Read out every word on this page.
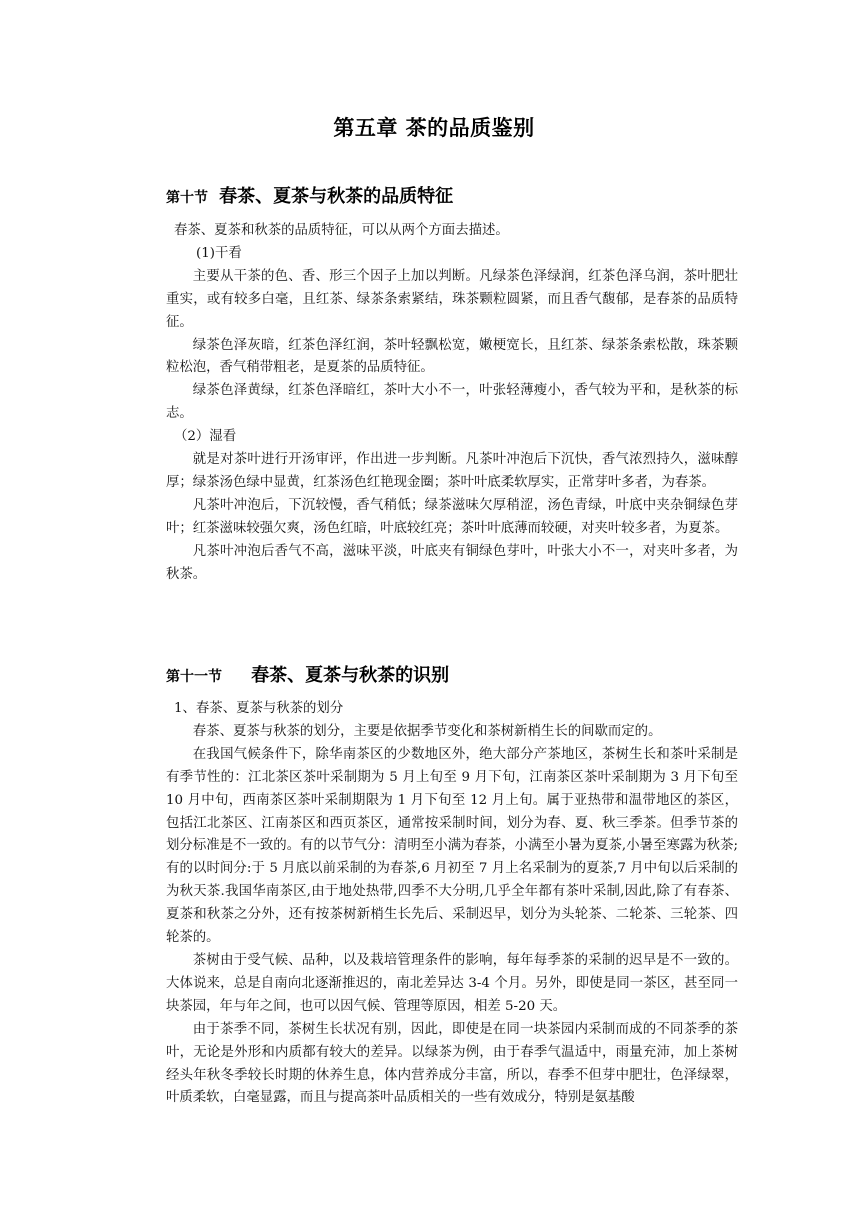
第五章 茶的品质鉴别
第十节 春茶、夏茶与秋茶的品质特征

春茶、夏茶和秋茶的品质特征，可以从两个方面去描述。

(1)干看

主要从干茶的色、香、形三个因子上加以判断。凡绿茶色泽绿润，红茶色泽乌润，茶叶肥壮重实，或有较多白毫，且红茶、绿茶条索紧结，珠茶颗粒圆紧，而且香气馥郁，是春茶的品质特征。

绿茶色泽灰暗，红茶色泽红润，茶叶轻飘松宽，嫩梗宽长，且红茶、绿茶条索松散，珠茶颗粒松泡，香气稍带粗老，是夏茶的品质特征。

绿茶色泽黄绿，红茶色泽暗红，茶叶大小不一，叶张轻薄瘦小，香气较为平和，是秋茶的标志。

（2）湿看

就是对茶叶进行开汤审评，作出进一步判断。凡茶叶冲泡后下沉快，香气浓烈持久，滋味醇厚；绿茶汤色绿中显黄，红茶汤色红艳现金圈；茶叶叶底柔软厚实，正常芽叶多者，为春茶。

凡茶叶冲泡后，下沉较慢，香气稍低；绿茶滋味欠厚稍涩，汤色青绿，叶底中夹杂铜绿色芽叶；红茶滋味较强欠爽，汤色红暗，叶底较红亮；茶叶叶底薄而较硬，对夹叶较多者，为夏茶。

凡茶叶冲泡后香气不高，滋味平淡，叶底夹有铜绿色芽叶，叶张大小不一，对夹叶多者，为秋茶。

第十一节 春茶、夏茶与秋茶的识别

1、春茶、夏茶与秋茶的划分

春茶、夏茶与秋茶的划分，主要是依据季节变化和茶树新梢生长的间歇而定的。

在我国气候条件下，除华南茶区的少数地区外，绝大部分产茶地区，茶树生长和茶叶采制是有季节性的：江北茶区茶叶采制期为 5 月上旬至 9 月下旬，江南茶区茶叶采制期为 3 月下旬至 10 月中旬，西南茶区茶叶采制期限为 1 月下旬至 12 月上旬。属于亚热带和温带地区的茶区，包括江北茶区、江南茶区和西页茶区，通常按采制时间，划分为春、夏、秋三季茶。但季节茶的划分标准是不一致的。有的以节气分：清明至小满为春茶，小满至小暑为夏茶,小暑至寒露为秋茶;有的以时间分:于 5 月底以前采制的为春茶,6 月初至 7 月上名采制为的夏茶,7 月中旬以后采制的为秋天茶.我国华南茶区,由于地处热带,四季不大分明,几乎全年都有茶叶采制,因此,除了有春茶、夏茶和秋茶之分外，还有按茶树新梢生长先后、采制迟早，划分为头轮茶、二轮茶、三轮茶、四轮茶的。

茶树由于受气候、品种，以及栽培管理条件的影响，每年每季茶的采制的迟早是不一致的。大体说来，总是自南向北逐渐推迟的，南北差异达 3-4 个月。另外，即使是同一茶区，甚至同一块茶园，年与年之间，也可以因气候、管理等原因，相差 5-20 天。

由于茶季不同，茶树生长状况有别，因此，即使是在同一块茶园内采制而成的不同茶季的茶叶，无论是外形和内质都有较大的差异。以绿茶为例，由于春季气温适中，雨量充沛，加上茶树经头年秋冬季较长时期的休养生息，体内营养成分丰富，所以，春季不但芽中肥壮，色泽绿翠，叶质柔软，白毫显露，而且与提高茶叶品质相关的一些有效成分，特别是氨基酸
